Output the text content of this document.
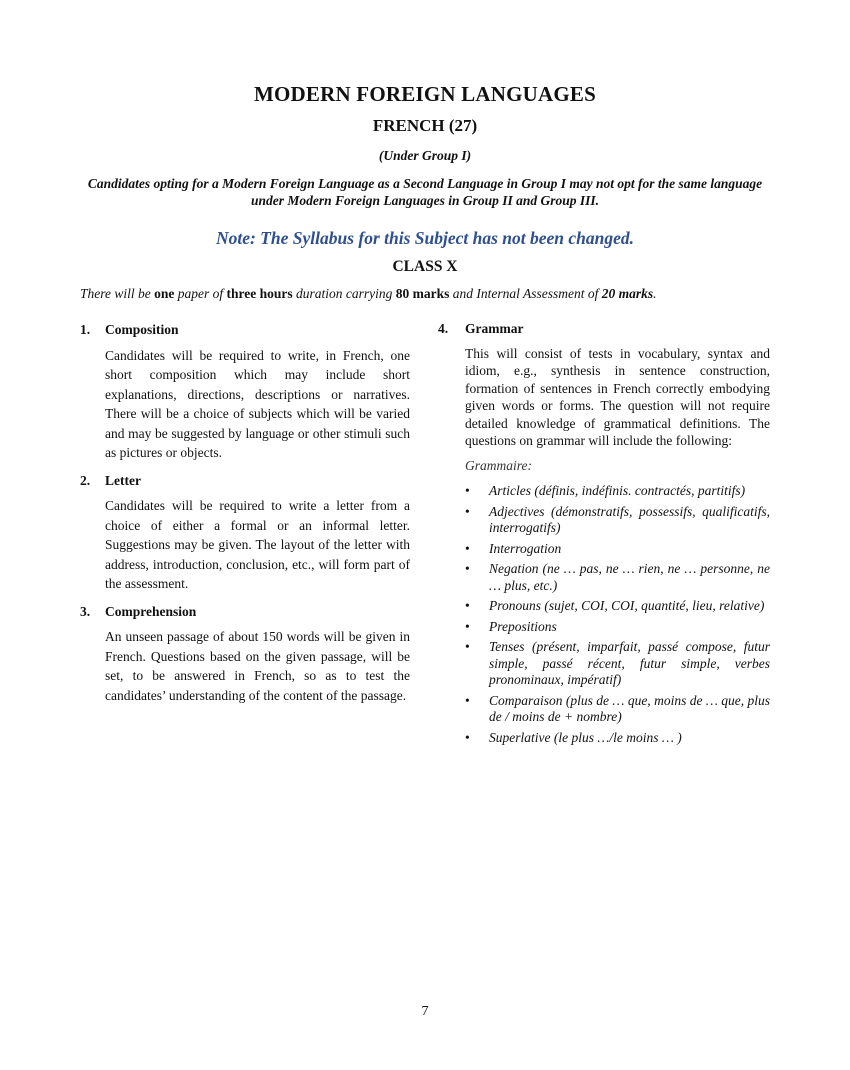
MODERN FOREIGN LANGUAGES
FRENCH (27)
(Under Group I)
Candidates opting for a Modern Foreign Language as a Second Language in Group I may not opt for the same language under Modern Foreign Languages in Group II and Group III.
Note: The Syllabus for this Subject has not been changed.
CLASS X
There will be one paper of three hours duration carrying 80 marks and Internal Assessment of 20 marks.
1.	Composition
Candidates will be required to write, in French, one short composition which may include short explanations, directions, descriptions or narratives. There will be a choice of subjects which will be varied and may be suggested by language or other stimuli such as pictures or objects.
2.	Letter
Candidates will be required to write a letter from a choice of either a formal or an informal letter. Suggestions may be given. The layout of the letter with address, introduction, conclusion, etc., will form part of the assessment.
3.	Comprehension
An unseen passage of about 150 words will be given in French. Questions based on the given passage, will be set, to be answered in French, so as to test the candidates’ understanding of the content of the passage.
4.	Grammar
This will consist of tests in vocabulary, syntax and idiom, e.g., synthesis in sentence construction, formation of sentences in French correctly embodying given words or forms. The question will not require detailed knowledge of grammatical definitions. The questions on grammar will include the following:
Grammaire:
• Articles (définis, indéfinis. contractés, partitifs)
• Adjectives (démonstratifs, possessifs, qualificatifs, interrogatifs)
• Interrogation
• Negation (ne … pas, ne … rien, ne … personne, ne … plus, etc.)
• Pronouns (sujet, COI, COI, quantité, lieu, relative)
• Prepositions
• Tenses (présent, imparfait, passé compose, futur simple, passé récent, futur simple, verbes pronominaux, impératif)
• Comparaison (plus de … que, moins de … que, plus de / moins de + nombre)
• Superlative (le plus …/le moins … )
7
